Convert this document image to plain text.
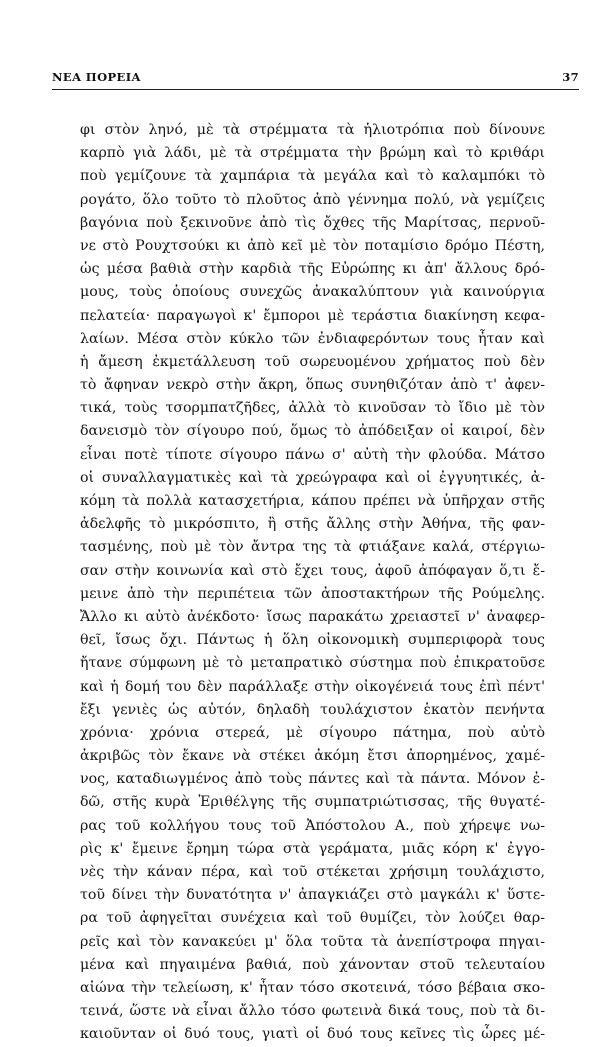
ΝΕΑ ΠΟΡΕΙΑ	37
φι στὸν ληνό, μὲ τὰ στρέμματα τὰ ἡλιοτρόπια ποὺ δίνουνε
καρπὸ γιὰ λάδι, μὲ τὰ στρέμματα τὴν βρώμη καὶ τὸ κριθάρι
ποὺ γεμίζουνε τὰ χαμπάρια τὰ μεγάλα καὶ τὸ καλαμπόκι τὸ
ρογάτο, ὅλο τοῦτο τὸ πλοῦτος ἀπὸ γέννημα πολύ, νὰ γεμίζεις
βαγόνια ποὺ ξεκινοῦνε ἀπὸ τὶς ὄχθες τῆς Μαρίτσας, περνοῦ-
νε στὸ Ρουχτσούκι κι ἀπὸ κεῖ μὲ τὸν ποταμίσιο δρόμο Πέστη,
ὡς μέσα βαθιὰ στὴν καρδιὰ τῆς Εὐρώπης κι ἀπ' ἄλλους δρό-
μους, τοὺς ὁποίους συνεχῶς ἀνακαλύπτουν γιὰ καινούργια
πελατεία· παραγωγοὶ κ' ἔμποροι μὲ τεράστια διακίνηση κεφα-
λαίων. Μέσα στὸν κύκλο τῶν ἐνδιαφερόντων τους ἦταν καὶ
ἡ ἄμεση ἐκμετάλλευση τοῦ σωρευομένου χρήματος ποὺ δὲν
τὸ ἄφηναν νεκρὸ στὴν ἄκρη, ὅπως συνηθιζόταν ἀπὸ τ' ἀφεν-
τικά, τοὺς τσορμπατζῆδες, ἀλλὰ τὸ κινοῦσαν τὸ ἴδιο μὲ τὸν
δανεισμὸ τὸν σίγουρο πού, ὅμως τὸ ἀπόδειξαν οἱ καιροί, δὲν
εἶναι ποτὲ τίποτε σίγουρο πάνω σ' αὐτὴ τὴν φλούδα. Μάτσο
οἱ συναλλαγματικὲς καὶ τὰ χρεώγραφα καὶ οἱ ἐγγυητικές, ἀ-
κόμη τὰ πολλὰ κατασχετήρια, κάπου πρέπει νὰ ὑπῆρχαν στῆς
ἀδελφῆς τὸ μικρόσπιτο, ἢ στῆς ἄλλης στὴν Ἀθήνα, τῆς φαν-
τασμένης, ποὺ μὲ τὸν ἄντρα της τὰ φτιάξανε καλά, στέργιω-
σαν στὴν κοινωνία καὶ στὸ ἔχει τους, ἀφοῦ ἀπόφαγαν ὅ,τι ἔ-
μεινε ἀπὸ τὴν περιπέτεια τῶν ἀποστακτήρων τῆς Ρούμελης.
Ἄλλο κι αὐτὸ ἀνέκδοτο· ἴσως παρακάτω χρειαστεῖ ν' ἀναφερ-
θεῖ, ἴσως ὄχι. Πάντως ἡ ὅλη οἰκονομικὴ συμπεριφορὰ τους
ἤτανε σύμφωνη μὲ τὸ μεταπρατικὸ σύστημα ποὺ ἐπικρατοῦσε
καὶ ἡ δομή του δὲν παράλλαξε στὴν οἰκογένειά τους ἐπὶ πέντ'
ἔξι γενιὲς ὡς αὐτόν, δηλαδὴ τουλάχιστον ἑκατὸν πενήντα
χρόνια· χρόνια στερεά, μὲ σίγουρο πάτημα, ποὺ αὐτὸ
ἀκριβῶς τὸν ἔκανε νὰ στέκει ἀκόμη ἔτσι ἀπορημένος, χαμέ-
νος, καταδιωγμένος ἀπὸ τοὺς πάντες καὶ τὰ πάντα. Μόνον ἐ-
δῶ, στῆς κυρὰ Ἐριθέλγης τῆς συμπατριώτισσας, τῆς θυγατέ-
ρας τοῦ κολλήγου τους τοῦ Ἀπόστολου Α., ποὺ χήρεψε νω-
ρὶς κ' ἔμεινε ἔρημη τώρα στὰ γεράματα, μιᾶς κόρη κ' ἐγγο-
νὲς τὴν κάναν πέρα, καὶ τοῦ στέκεται χρήσιμη τουλάχιστο,
τοῦ δίνει τὴν δυνατότητα ν' ἀπαγκιάζει στὸ μαγκάλι κ' ὕστε-
ρα τοῦ ἀφηγεῖται συνέχεια καὶ τοῦ θυμίζει, τὸν λούζει θαρ-
ρεῖς καὶ τὸν κανακεύει μ' ὅλα τοῦτα τὰ ἀνεπίστροφα πηγαι-
μένα καὶ πηγαιμένα βαθιά, ποὺ χάνονταν στοῦ τελευταίου
αἰώνα τὴν τελείωση, κ' ἦταν τόσο σκοτεινά, τόσο βέβαια σκο-
τεινά, ὥστε νὰ εἶναι ἄλλο τόσο φωτεινὰ δικά τους, ποὺ τὰ δι-
καιοῦνταν οἱ δυό τους, γιατὶ οἱ δυό τους κεῖνες τὶς ὧρες μέ-
